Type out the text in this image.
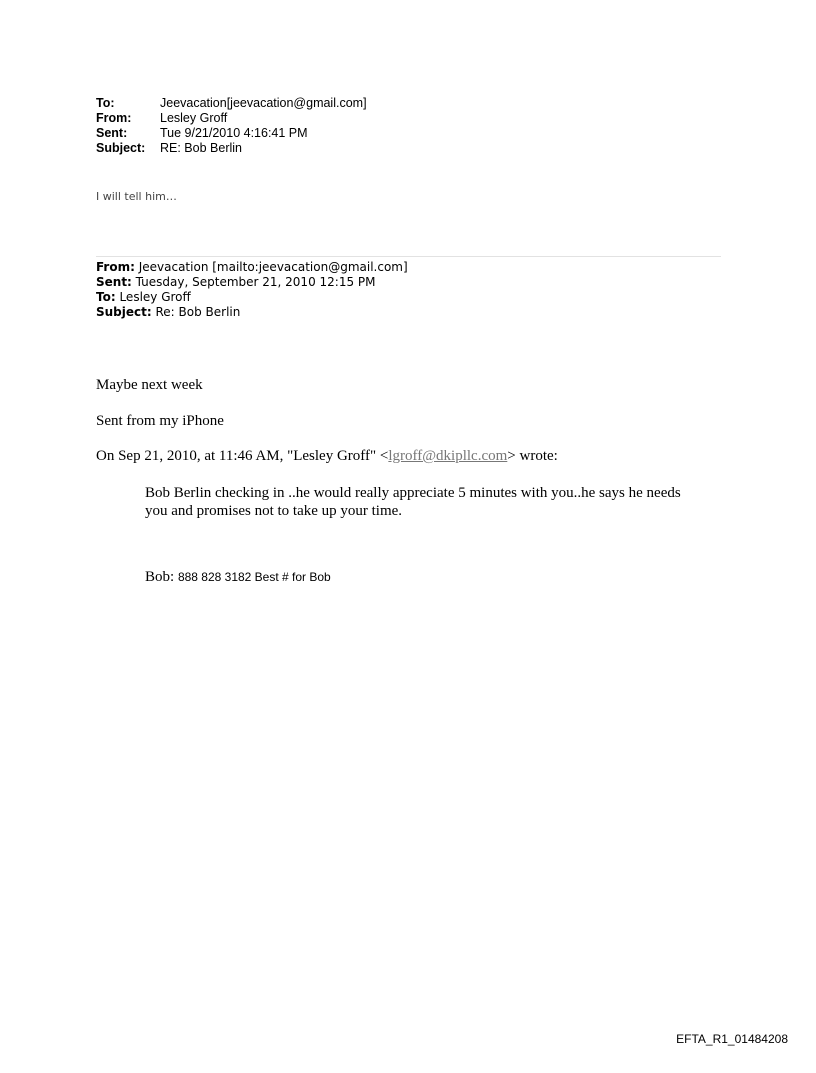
To:	Jeevacation[jeevacation@gmail.com]
From:	Lesley Groff
Sent:	Tue 9/21/2010 4:16:41 PM
Subject:	RE: Bob Berlin
I will tell him…
From: Jeevacation [mailto:jeevacation@gmail.com]
Sent: Tuesday, September 21, 2010 12:15 PM
To: Lesley Groff
Subject: Re: Bob Berlin
Maybe next week
Sent from my iPhone
On Sep 21, 2010, at 11:46 AM, "Lesley Groff" <lgroff@dkipllc.com> wrote:
Bob Berlin checking in ..he would really appreciate 5 minutes with you..he says he needs you and promises not to take up your time.
Bob: 888 828 3182 Best # for Bob
EFTA_R1_01484208
